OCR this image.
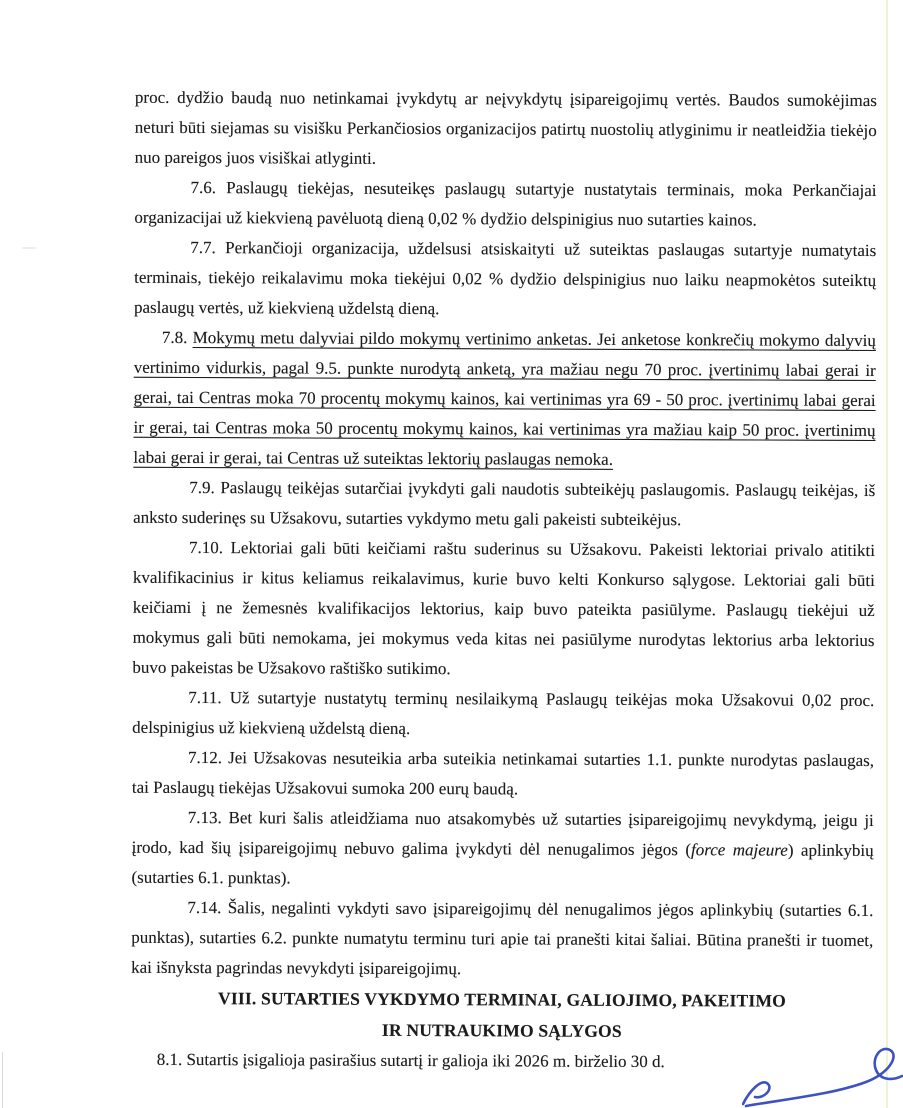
proc. dydžio baudą nuo netinkamai įvykdytų ar neįvykdytų įsipareigojimų vertės. Baudos sumokėjimas neturi būti siejamas su visišku Perkančiosios organizacijos patirtų nuostolių atlyginimu ir neatleidžia tiekėjo nuo pareigos juos visiškai atlyginti.

7.6. Paslaugų tiekėjas, nesuteikęs paslaugų sutartyje nustatytais terminais, moka Perkančiajai organizacijai už kiekvieną pavėluotą dieną 0,02 % dydžio delspinigius nuo sutarties kainos.

7.7. Perkančioji organizacija, uždelsusi atsiskaityti už suteiktas paslaugas sutartyje numatytais terminais, tiekėjo reikalavimu moka tiekėjui 0,02 % dydžio delspinigius nuo laiku neapmokėtos suteiktų paslaugų vertės, už kiekvieną uždelstą dieną.

7.8. Mokymų metu dalyviai pildo mokymų vertinimo anketas. Jei anketose konkrečių mokymo dalyvių vertinimo vidurkis, pagal 9.5. punkte nurodytą anketą, yra mažiau negu 70 proc. įvertinimų labai gerai ir gerai, tai Centras moka 70 procentų mokymų kainos, kai vertinimas yra 69 - 50 proc. įvertinimų labai gerai ir gerai, tai Centras moka 50 procentų mokymų kainos, kai vertinimas yra mažiau kaip 50 proc. įvertinimų labai gerai ir gerai, tai Centras už suteiktas lektorių paslaugas nemoka.

7.9. Paslaugų teikėjas sutarčiai įvykdyti gali naudotis subteikėjų paslaugomis. Paslaugų teikėjas, iš anksto suderinęs su Užsakovu, sutarties vykdymo metu gali pakeisti subteikėjus.

7.10. Lektoriai gali būti keičiami raštu suderinus su Užsakovu. Pakeisti lektoriai privalo atitikti kvalifikacinius ir kitus keliamus reikalavimus, kurie buvo kelti Konkurso sąlygose. Lektoriai gali būti keičiami į ne žemesnės kvalifikacijos lektorius, kaip buvo pateikta pasiūlyme. Paslaugų tiekėjui už mokymus gali būti nemokama, jei mokymus veda kitas nei pasiūlyme nurodytas lektorius arba lektorius buvo pakeistas be Užsakovo raštiško sutikimo.

7.11. Už sutartyje nustatytų terminų nesilaikymą Paslaugų teikėjas moka Užsakovui 0,02 proc. delspinigius už kiekvieną uždelstą dieną.

7.12. Jei Užsakovas nesuteikia arba suteikia netinkamai sutarties 1.1. punkte nurodytas paslaugas, tai Paslaugų tiekėjas Užsakovui sumoka 200 eurų baudą.

7.13. Bet kuri šalis atleidžiama nuo atsakomybės už sutarties įsipareigojimų nevykdymą, jeigu ji įrodo, kad šių įsipareigojimų nebuvo galima įvykdyti dėl nenugalimos jėgos (force majeure) aplinkybių (sutarties 6.1. punktas).

7.14. Šalis, negalinti vykdyti savo įsipareigojimų dėl nenugalimos jėgos aplinkybių (sutarties 6.1. punktas), sutarties 6.2. punkte numatytu terminu turi apie tai pranešti kitai šaliai. Būtina pranešti ir tuomet, kai išnyksta pagrindas nevykdyti įsipareigojimų.

VIII. SUTARTIES VYKDYMO TERMINAI, GALIOJIMO, PAKEITIMO

IR NUTRAUKIMO SĄLYGOS

8.1. Sutartis įsigalioja pasirašius sutartį ir galioja iki 2026 m. birželio 30 d.
